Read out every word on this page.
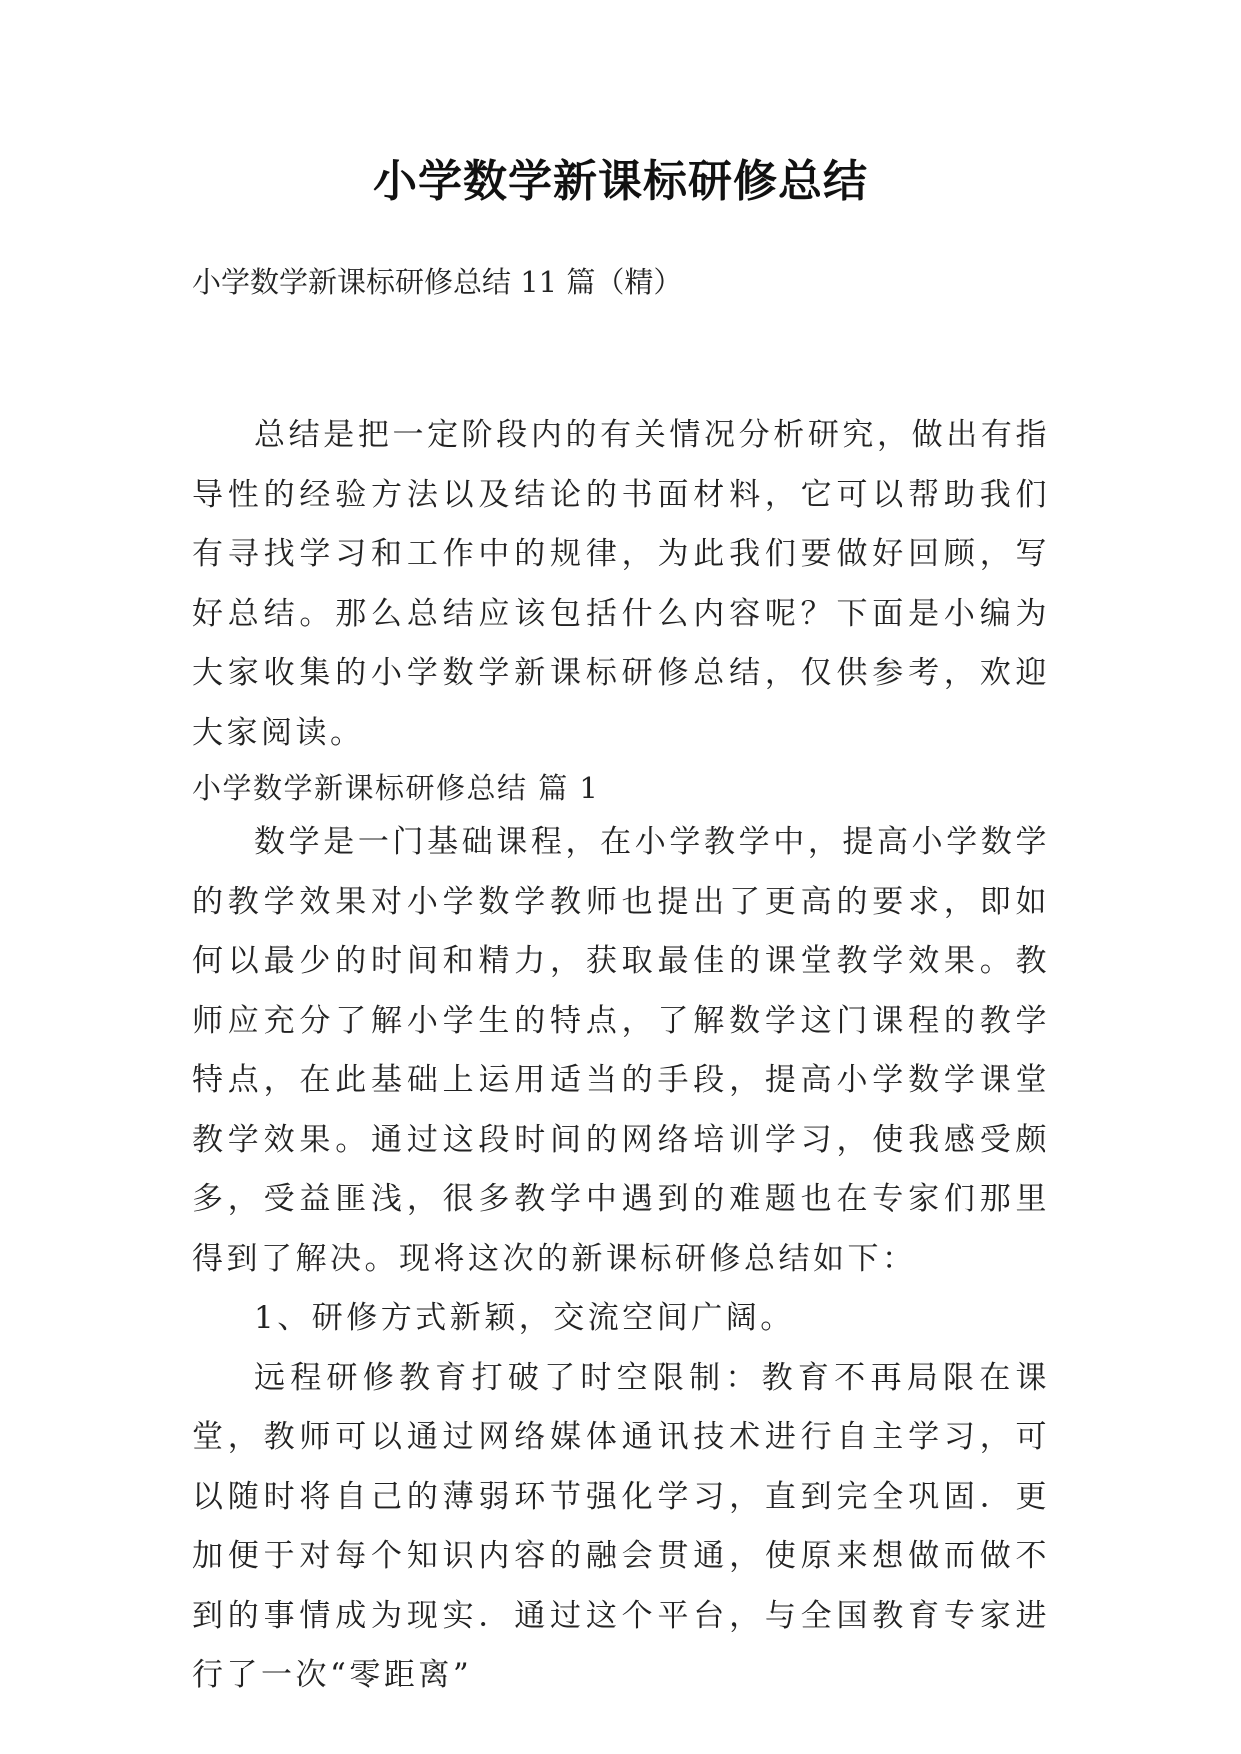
小学数学新课标研修总结

小学数学新课标研修总结 11 篇（精）

总结是把一定阶段内的有关情况分析研究，做出有指导性的经验方法以及结论的书面材料，它可以帮助我们有寻找学习和工作中的规律，为此我们要做好回顾，写好总结。那么总结应该包括什么内容呢？下面是小编为大家收集的小学数学新课标研修总结，仅供参考，欢迎大家阅读。

小学数学新课标研修总结 篇 1

数学是一门基础课程，在小学教学中，提高小学数学的教学效果对小学数学教师也提出了更高的要求，即如何以最少的时间和精力，获取最佳的课堂教学效果。教师应充分了解小学生的特点，了解数学这门课程的教学特点，在此基础上运用适当的手段，提高小学数学课堂教学效果。通过这段时间的网络培训学习，使我感受颇多，受益匪浅，很多教学中遇到的难题也在专家们那里得到了解决。现将这次的新课标研修总结如下：

1、研修方式新颖，交流空间广阔。

远程研修教育打破了时空限制：教育不再局限在课堂，教师可以通过网络媒体通讯技术进行自主学习，可以随时将自己的薄弱环节强化学习，直到完全巩固．更加便于对每个知识内容的融会贯通，使原来想做而做不到的事情成为现实．通过这个平台，与全国教育专家进行了一次“零距离”
